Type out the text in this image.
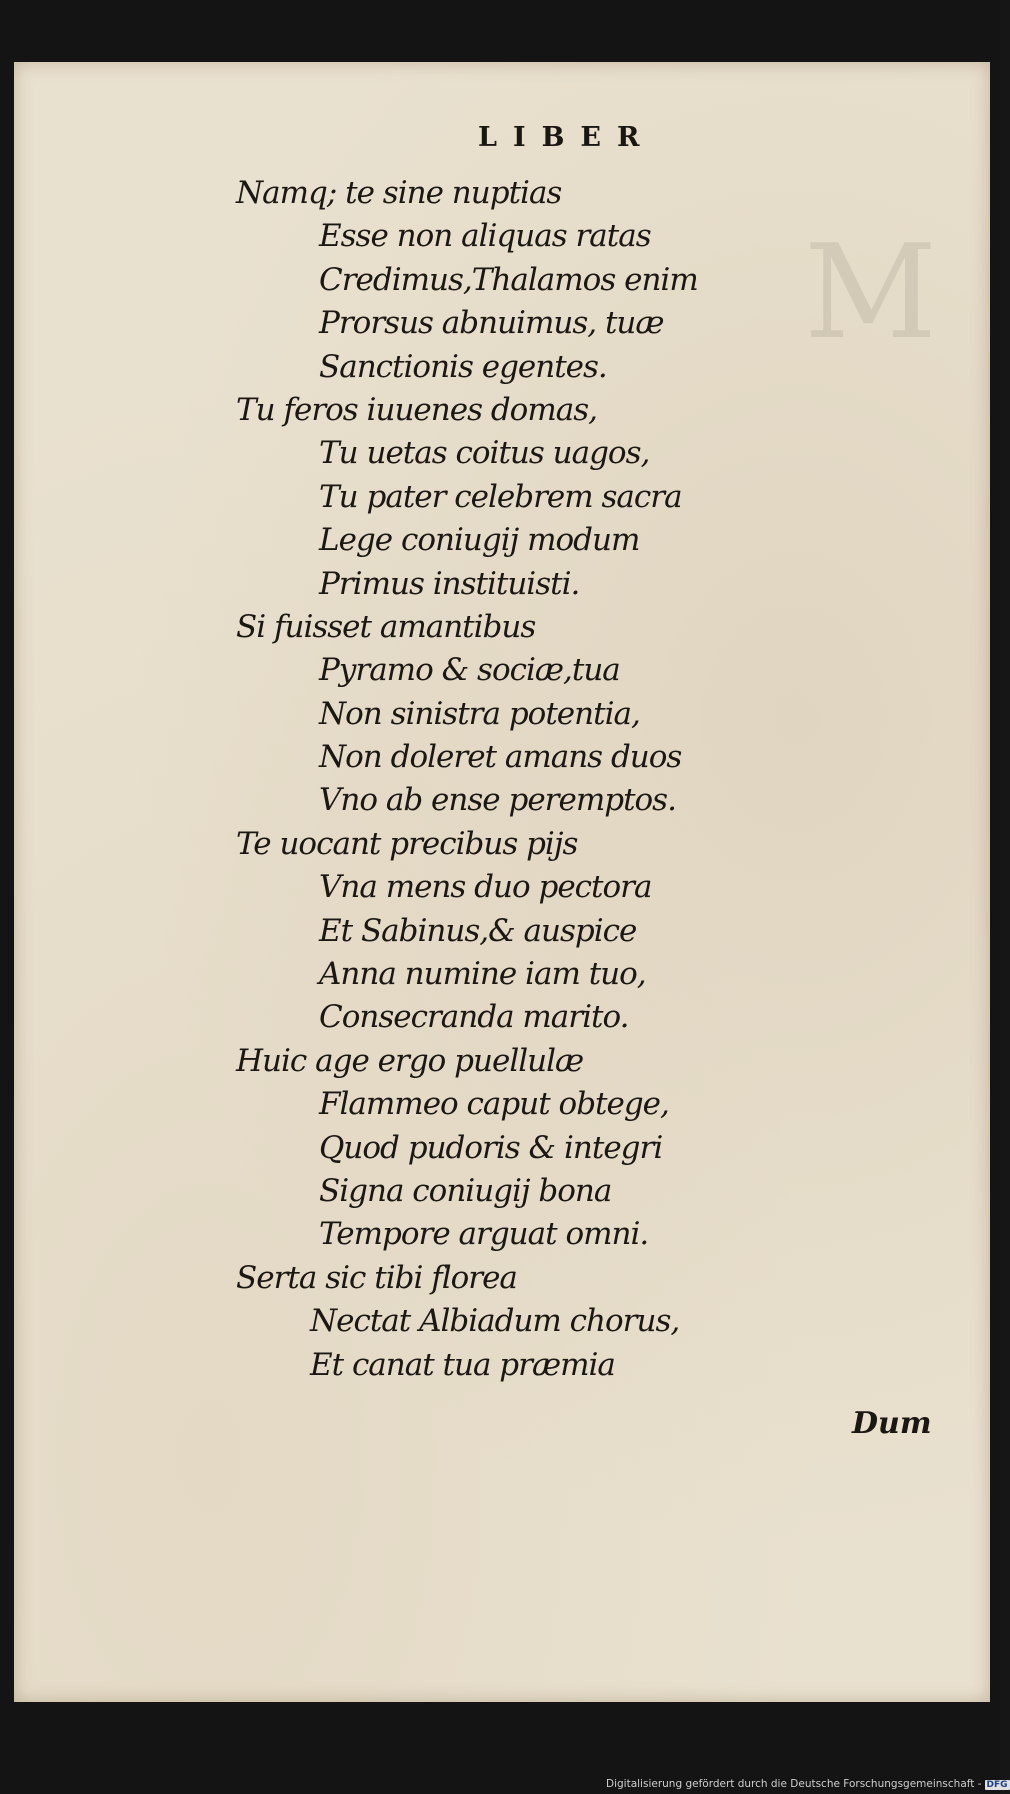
M
LIBER
Namq; te sine nuptias
Esse non aliquas ratas
Credimus,Thalamos enim
Prorsus abnuimus, tuæ
Sanctionis egentes.
Tu feros iuuenes domas,
Tu uetas coitus uagos,
Tu pater celebrem sacra
Lege coniugij modum
Primus instituisti.
Si fuisset amantibus
Pyramo & sociæ,tua
Non sinistra potentia,
Non doleret amans duos
Vno ab ense peremptos.
Te uocant precibus pijs
Vna mens duo pectora
Et Sabinus,& auspice
Anna numine iam tuo,
Consecranda marito.
Huic age ergo puellulæ
Flammeo caput obtege,
Quod pudoris & integri
Signa coniugij bona
Tempore arguat omni.
Serta sic tibi florea
Nectat Albiadum chorus,
Et canat tua præmia
Dum
Digitalisierung gefördert durch die Deutsche Forschungsgemeinschaft - DFG
